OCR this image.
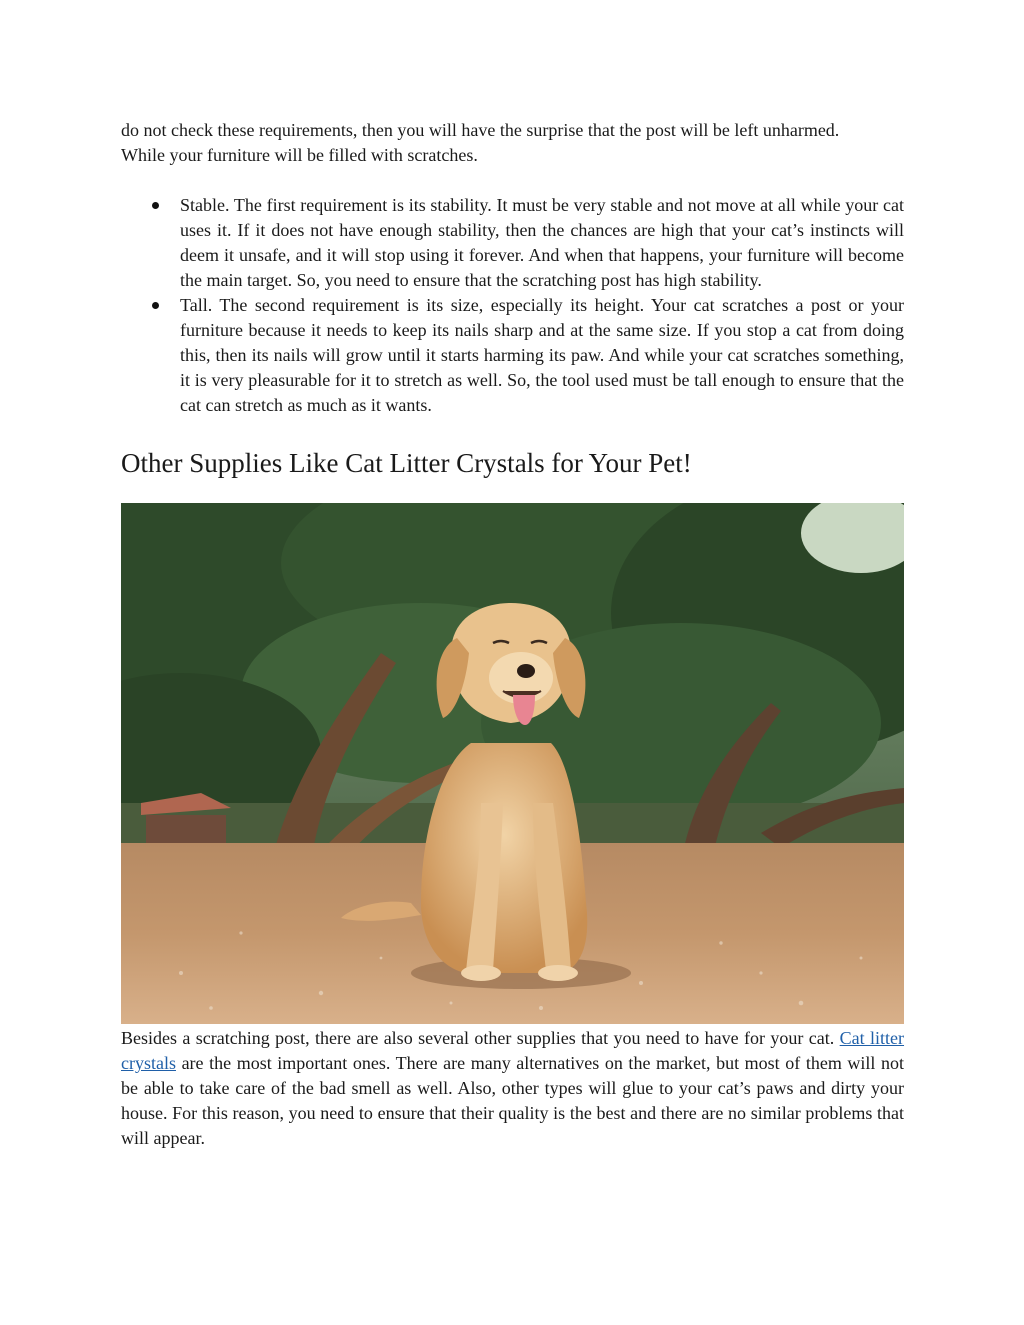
do not check these requirements, then you will have the surprise that the post will be left unharmed.
While your furniture will be filled with scratches.

Stable. The first requirement is its stability. It must be very stable and not move at all while your cat uses it. If it does not have enough stability, then the chances are high that your cat’s instincts will deem it unsafe, and it will stop using it forever. And when that happens, your furniture will become the main target. So, you need to ensure that the scratching post has high stability.
Tall. The second requirement is its size, especially its height. Your cat scratches a post or your furniture because it needs to keep its nails sharp and at the same size. If you stop a cat from doing this, then its nails will grow until it starts harming its paw. And while your cat scratches something, it is very pleasurable for it to stretch as well. So, the tool used must be tall enough to ensure that the cat can stretch as much as it wants.
Other Supplies Like Cat Litter Crystals for Your Pet!

Besides a scratching post, there are also several other supplies that you need to have for your cat. Cat litter crystals are the most important ones. There are many alternatives on the market, but most of them will not be able to take care of the bad smell as well. Also, other types will glue to your cat’s paws and dirty your house. For this reason, you need to ensure that their quality is the best and there are no similar problems that will appear.
